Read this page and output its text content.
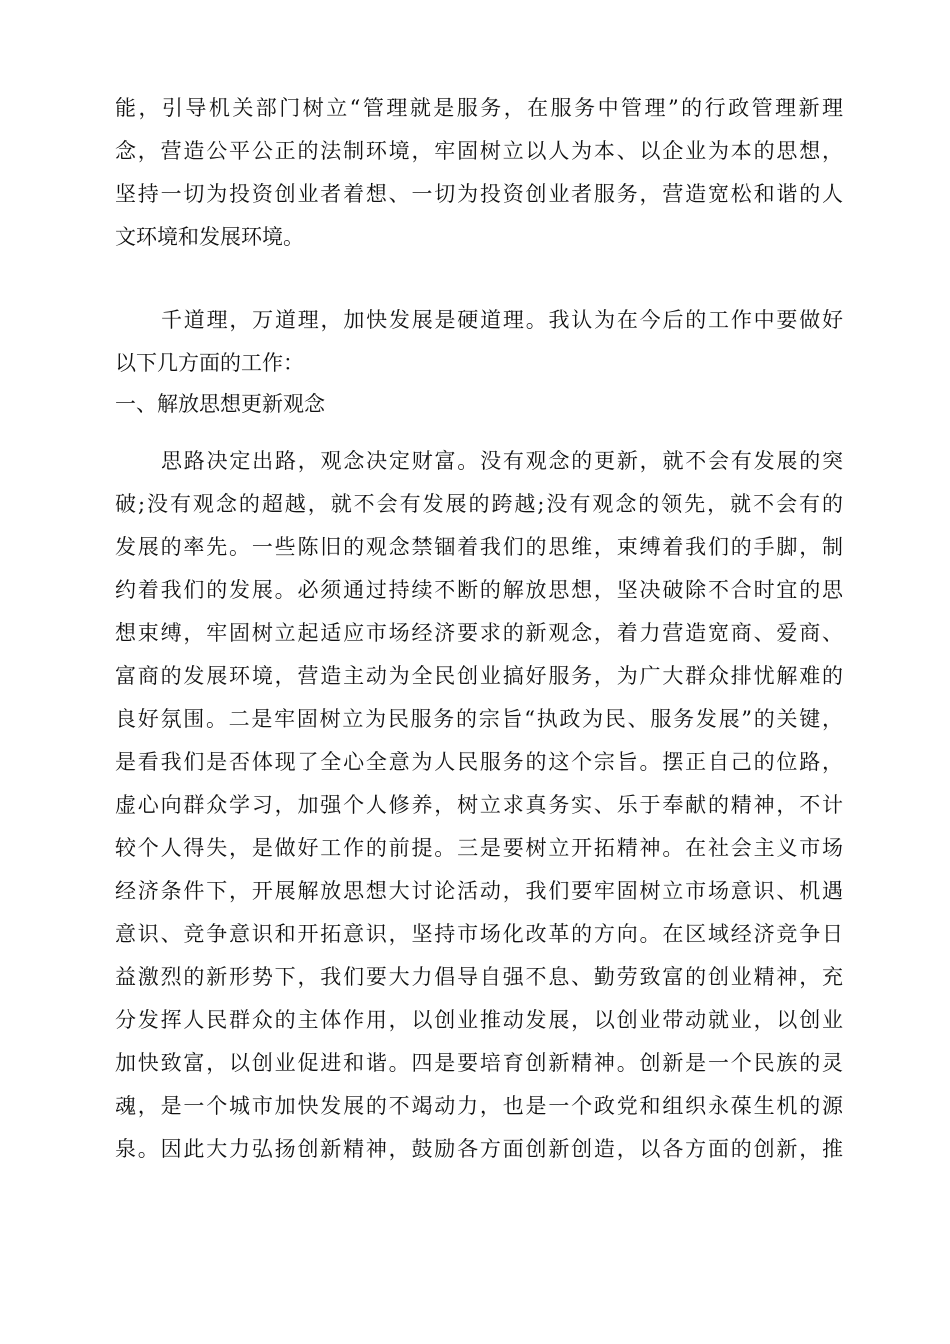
能，引导机关部门树立“管理就是服务，在服务中管理”的行政管理新理
念，营造公平公正的法制环境，牢固树立以人为本、以企业为本的思想，
坚持一切为投资创业者着想、一切为投资创业者服务，营造宽松和谐的人
文环境和发展环境。
千道理，万道理，加快发展是硬道理。我认为在今后的工作中要做好
以下几方面的工作：
一、解放思想更新观念
思路决定出路，观念决定财富。没有观念的更新，就不会有发展的突
破;没有观念的超越，就不会有发展的跨越;没有观念的领先，就不会有的
发展的率先。一些陈旧的观念禁锢着我们的思维，束缚着我们的手脚，制
约着我们的发展。必须通过持续不断的解放思想，坚决破除不合时宜的思
想束缚，牢固树立起适应市场经济要求的新观念，着力营造宽商、爱商、
富商的发展环境，营造主动为全民创业搞好服务，为广大群众排忧解难的
良好氛围。二是牢固树立为民服务的宗旨“执政为民、服务发展”的关键，
是看我们是否体现了全心全意为人民服务的这个宗旨。摆正自己的位路，
虚心向群众学习，加强个人修养，树立求真务实、乐于奉献的精神，不计
较个人得失，是做好工作的前提。三是要树立开拓精神。在社会主义市场
经济条件下，开展解放思想大讨论活动，我们要牢固树立市场意识、机遇
意识、竞争意识和开拓意识，坚持市场化改革的方向。在区域经济竞争日
益激烈的新形势下，我们要大力倡导自强不息、勤劳致富的创业精神，充
分发挥人民群众的主体作用，以创业推动发展，以创业带动就业，以创业
加快致富，以创业促进和谐。四是要培育创新精神。创新是一个民族的灵
魂，是一个城市加快发展的不竭动力，也是一个政党和组织永葆生机的源
泉。因此大力弘扬创新精神，鼓励各方面创新创造，以各方面的创新，推
